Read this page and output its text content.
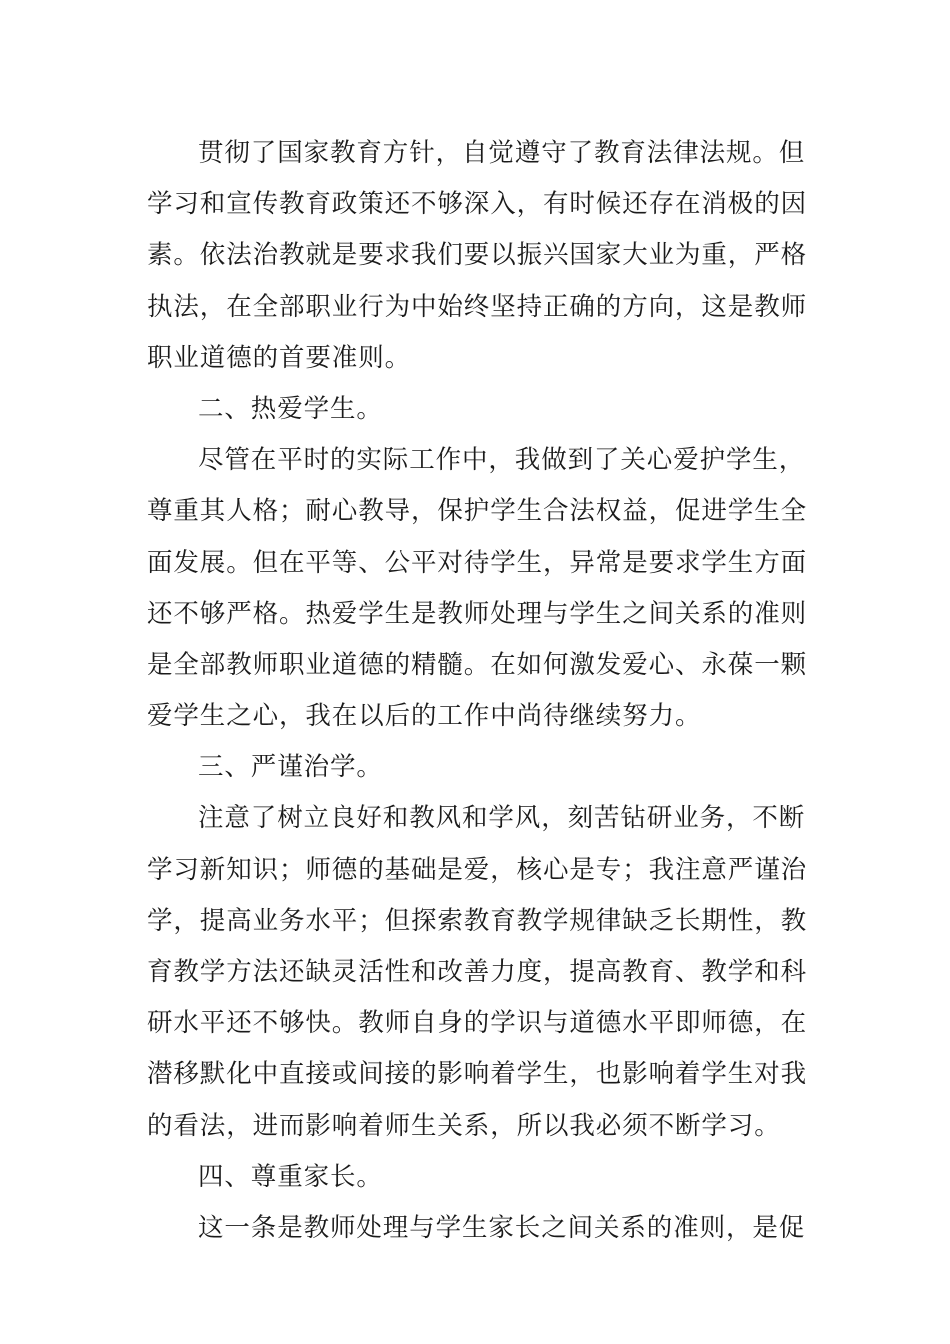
贯彻了国家教育方针，自觉遵守了教育法律法规。但
学习和宣传教育政策还不够深入，有时候还存在消极的因
素。依法治教就是要求我们要以振兴国家大业为重，严格
执法，在全部职业行为中始终坚持正确的方向，这是教师
职业道德的首要准则。
二、热爱学生。
尽管在平时的实际工作中，我做到了关心爱护学生，
尊重其人格；耐心教导，保护学生合法权益，促进学生全
面发展。但在平等、公平对待学生，异常是要求学生方面
还不够严格。热爱学生是教师处理与学生之间关系的准则
是全部教师职业道德的精髓。在如何激发爱心、永葆一颗
爱学生之心，我在以后的工作中尚待继续努力。
三、严谨治学。
注意了树立良好和教风和学风，刻苦钻研业务，不断
学习新知识；师德的基础是爱，核心是专；我注意严谨治
学，提高业务水平；但探索教育教学规律缺乏长期性，教
育教学方法还缺灵活性和改善力度，提高教育、教学和科
研水平还不够快。教师自身的学识与道德水平即师德，在
潜移默化中直接或间接的影响着学生，也影响着学生对我
的看法，进而影响着师生关系，所以我必须不断学习。
四、尊重家长。
这一条是教师处理与学生家长之间关系的准则，是促
